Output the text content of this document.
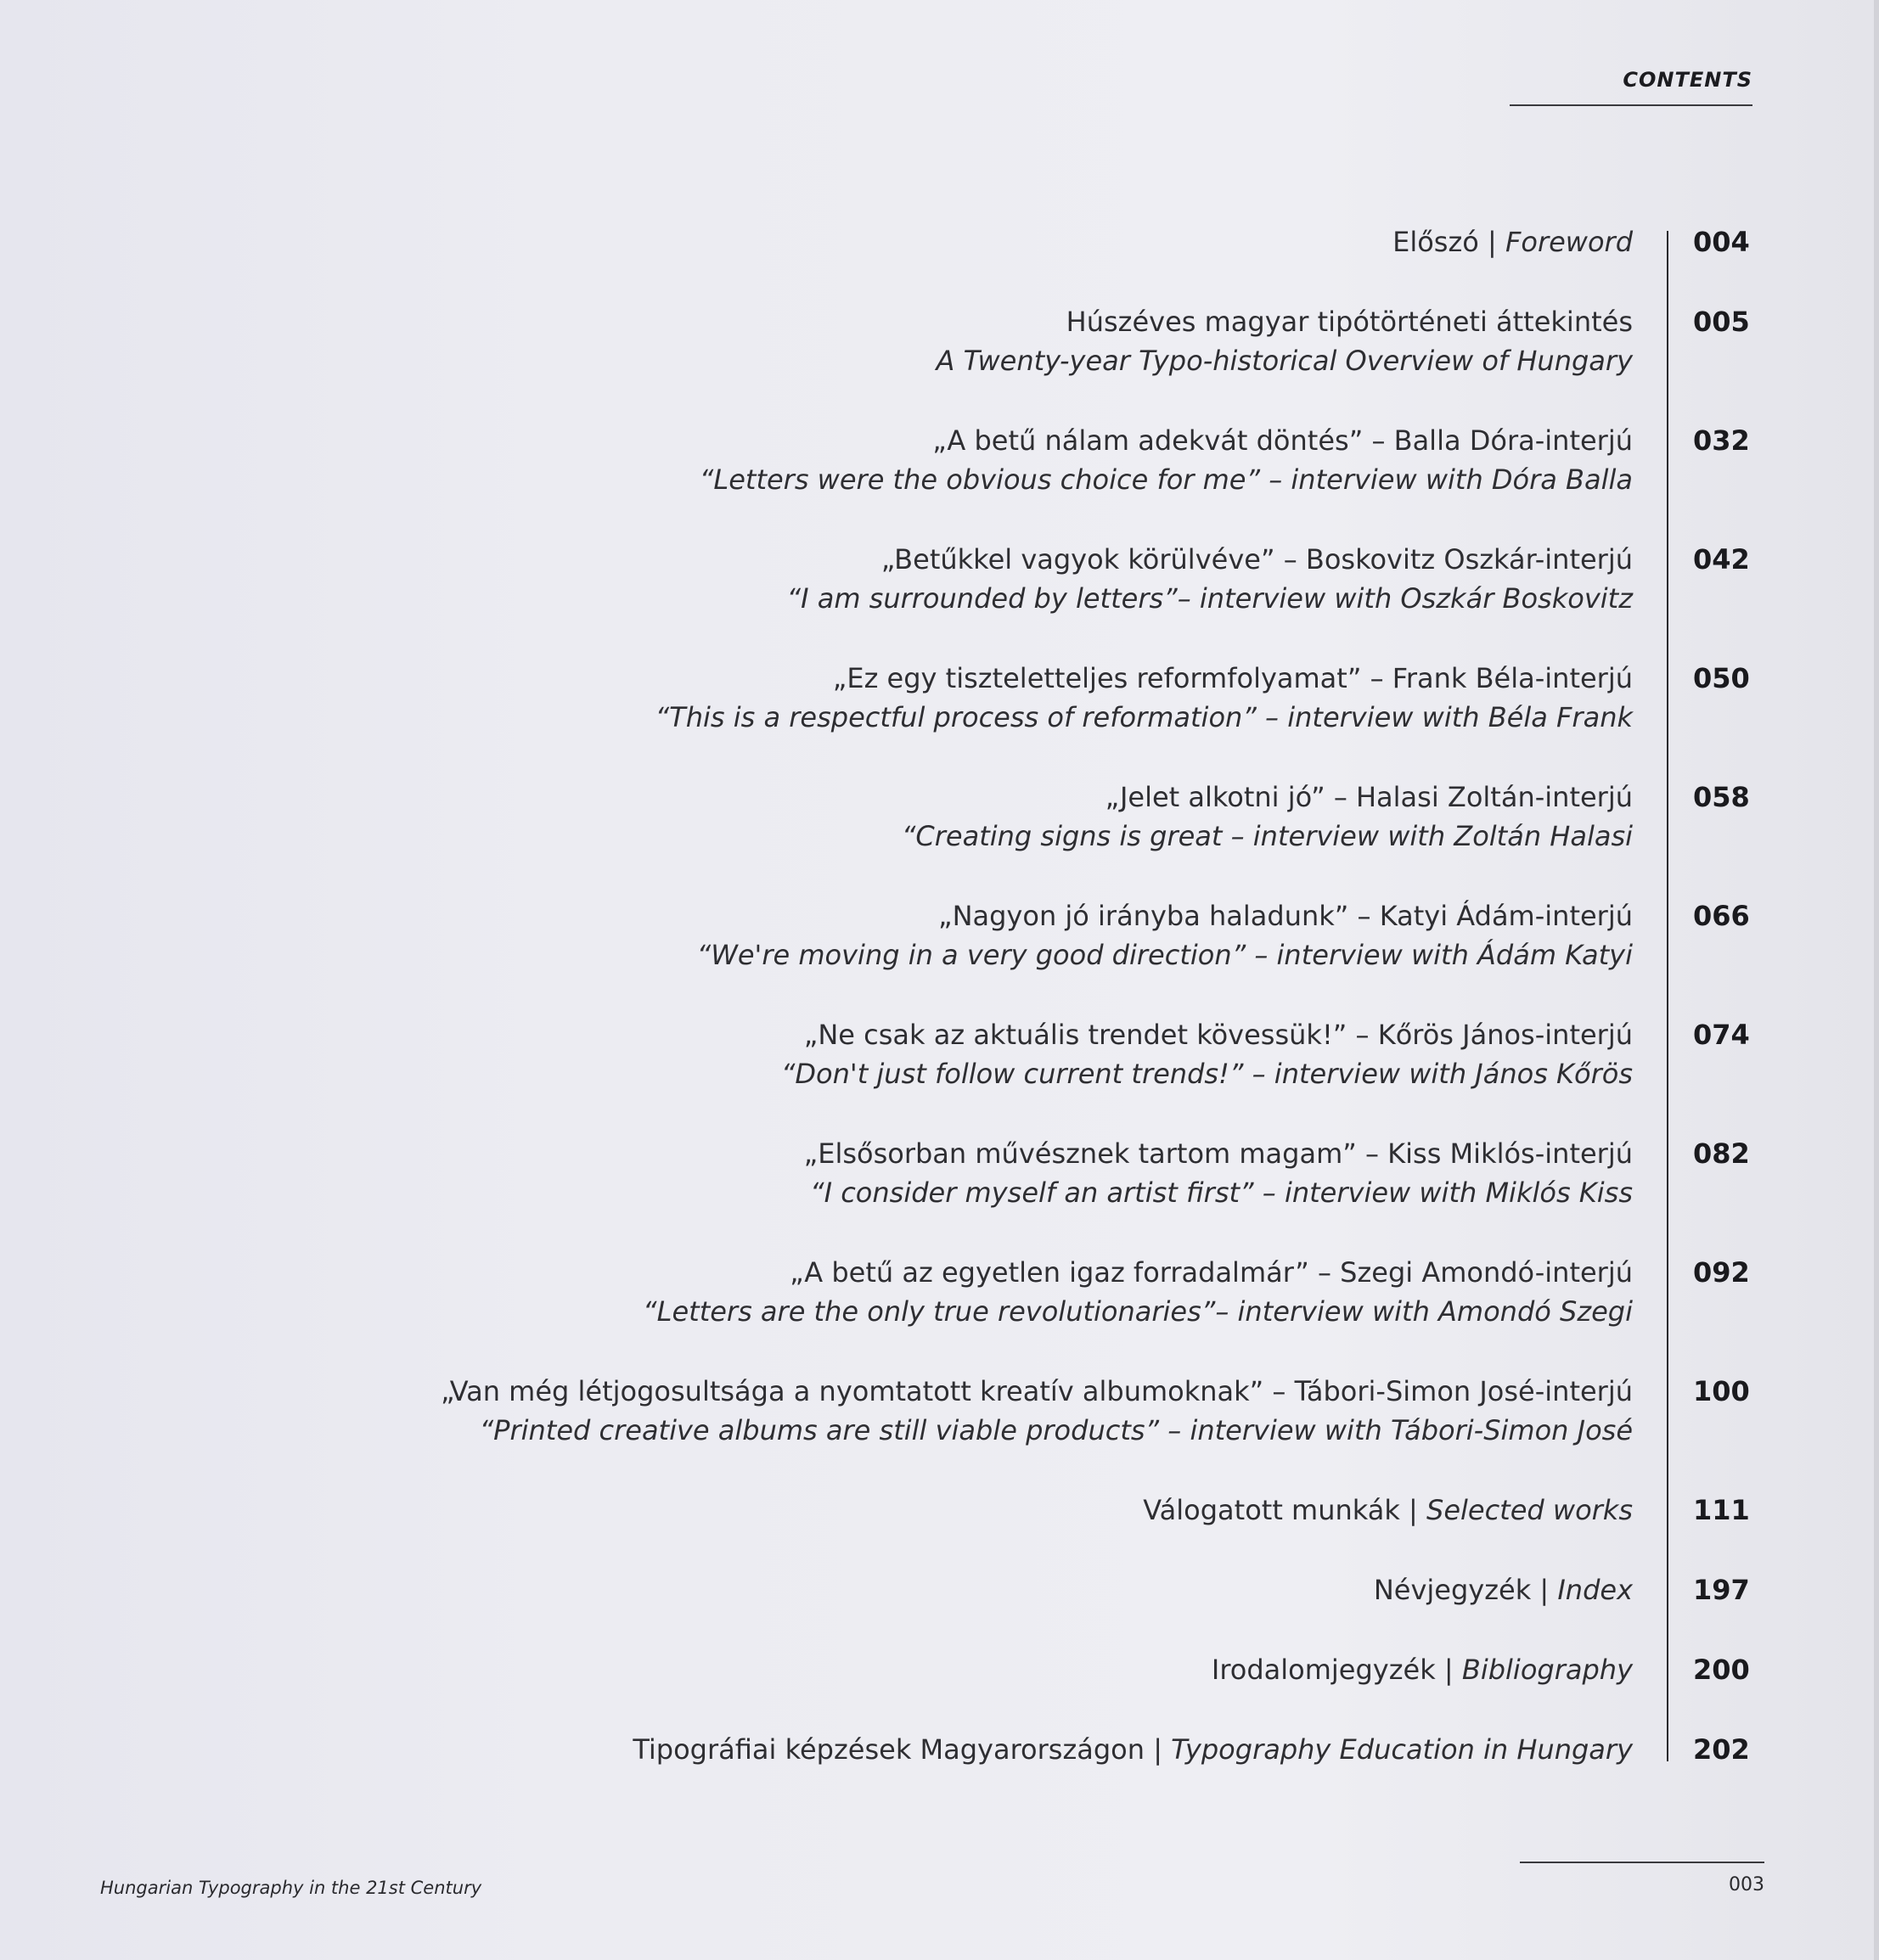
CONTENTS
Előszó | Foreword 004
Húszéves magyar tipótörténeti áttekintés
A Twenty-year Typo-historical Overview of Hungary
005
„A betű nálam adekvát döntés” – Balla Dóra-interjú
“Letters were the obvious choice for me” – interview with Dóra Balla
032
„Betűkkel vagyok körülvéve” – Boskovitz Oszkár-interjú
“I am surrounded by letters”– interview with Oszkár Boskovitz
042
„Ez egy tiszteletteljes reformfolyamat” – Frank Béla-interjú
“This is a respectful process of reformation” – interview with Béla Frank
050
„Jelet alkotni jó” – Halasi Zoltán-interjú
“Creating signs is great – interview with Zoltán Halasi
058
„Nagyon jó irányba haladunk” – Katyi Ádám-interjú
“We're moving in a very good direction” – interview with Ádám Katyi
066
„Ne csak az aktuális trendet kövessük!” – Kőrös János-interjú
“Don't just follow current trends!” – interview with János Kőrös
074
„Elsősorban művésznek tartom magam” – Kiss Miklós-interjú
“I consider myself an artist first” – interview with Miklós Kiss
082
„A betű az egyetlen igaz forradalmár” – Szegi Amondó-interjú
“Letters are the only true revolutionaries”– interview with Amondó Szegi
092
„Van még létjogosultsága a nyomtatott kreatív albumoknak” – Tábori-Simon José-interjú
“Printed creative albums are still viable products” – interview with Tábori-Simon José
100
Válogatott munkák | Selected works 111
Névjegyzék | Index 197
Irodalomjegyzék | Bibliography 200
Tipográfiai képzések Magyarországon | Typography Education in Hungary 202
Hungarian Typography in the 21st Century	003
